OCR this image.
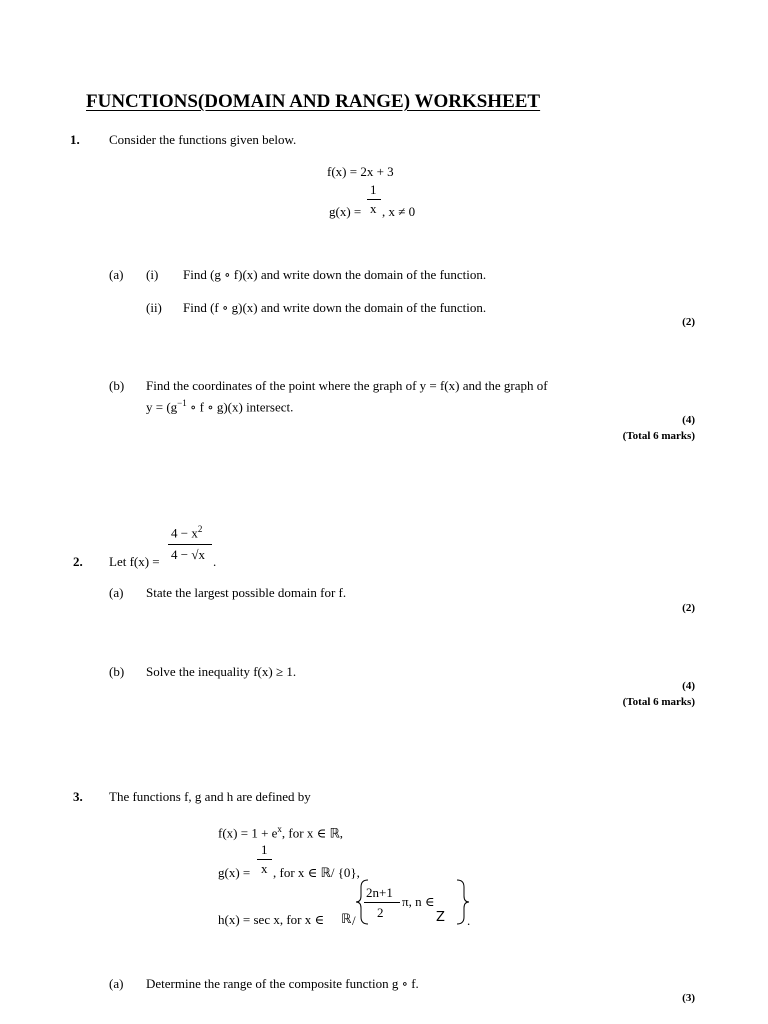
FUNCTIONS(DOMAIN AND RANGE) WORKSHEET
1. Consider the functions given below.
f(x) = 2x + 3
1
g(x) = x , x ≠ 0
(a) (i) Find (g ∘ f)(x) and write down the domain of the function.
(ii) Find (f ∘ g)(x) and write down the domain of the function.
(2)
(b) Find the coordinates of the point where the graph of y = f(x) and the graph of
$y = (g^{-1}$ ∘ f ∘ g)(x) intersect.
(4)
(Total 6 marks)
$4 - x^2$
4 − √x .
2. Let f(x) =
(a) State the largest possible domain for f.
(2)
(b) Solve the inequality f(x) ≥ 1.
(4)
(Total 6 marks)
3. The functions f, g and h are defined by
$f(x) = 1 + e^x$, for x ∈ ℝ,
1
g(x) = x , for x ∈ ℝ/ {0},
h(x) = sec x, for x ∈ ℝ /
2n+1
2
π, n ∈
Z .
(a) Determine the range of the composite function g ∘ f.
(3)
